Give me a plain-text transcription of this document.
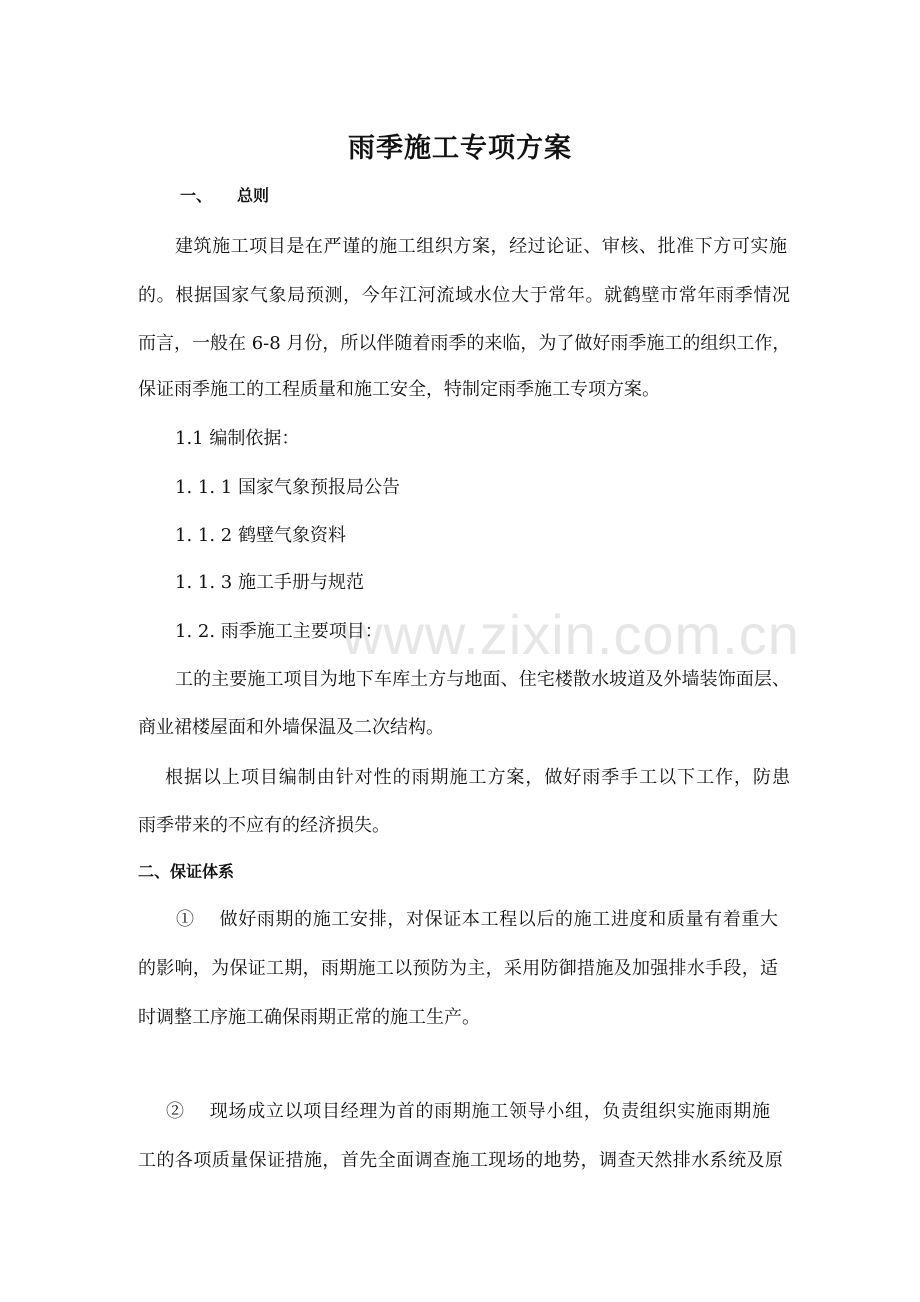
www.zixin.com.cn
雨季施工专项方案
一、 总则
建筑施工项目是在严谨的施工组织方案，经过论证、审核、批准下方可实施
的。根据国家气象局预测，今年江河流域水位大于常年。就鹤壁市常年雨季情况
而言，一般在 6-8 月份，所以伴随着雨季的来临，为了做好雨季施工的组织工作，
保证雨季施工的工程质量和施工安全，特制定雨季施工专项方案。
1.1 编制依据：
1. 1. 1 国家气象预报局公告
1. 1. 2 鹤壁气象资料
1. 1. 3 施工手册与规范
1. 2. 雨季施工主要项目：
工的主要施工项目为地下车库土方与地面、住宅楼散水坡道及外墙装饰面层、
商业裙楼屋面和外墙保温及二次结构。
根据以上项目编制由针对性的雨期施工方案，做好雨季手工以下工作，防患
雨季带来的不应有的经济损失。
二、保证体系
①　 做好雨期的施工安排，对保证本工程以后的施工进度和质量有着重大
的影响，为保证工期，雨期施工以预防为主，采用防御措施及加强排水手段，适
时调整工序施工确保雨期正常的施工生产。
②　 现场成立以项目经理为首的雨期施工领导小组，负责组织实施雨期施
工的各项质量保证措施，首先全面调查施工现场的地势，调查天然排水系统及原
